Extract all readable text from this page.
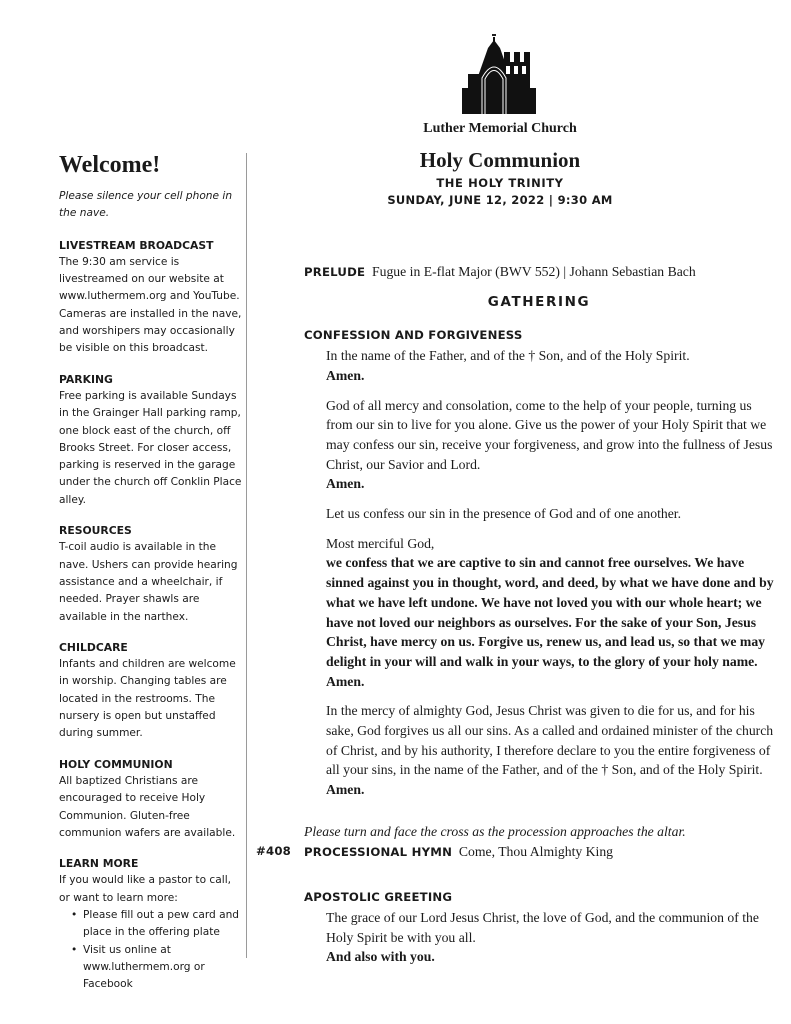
Luther Memorial Church
Holy Communion
THE HOLY TRINITY
SUNDAY, JUNE 12, 2022 | 9:30 AM
Welcome!
Please silence your cell phone in the nave.
LIVESTREAM BROADCAST
The 9:30 am service is livestreamed on our website at www.luthermem.org and YouTube. Cameras are installed in the nave, and worshipers may occasionally be visible on this broadcast.
PARKING
Free parking is available Sundays in the Grainger Hall parking ramp, one block east of the church, off Brooks Street. For closer access, parking is reserved in the garage under the church off Conklin Place alley.
RESOURCES
T-coil audio is available in the nave. Ushers can provide hearing assistance and a wheelchair, if needed. Prayer shawls are available in the narthex.
CHILDCARE
Infants and children are welcome in worship. Changing tables are located in the restrooms. The nursery is open but unstaffed during summer.
HOLY COMMUNION
All baptized Christians are encouraged to receive Holy Communion. Gluten-free communion wafers are available.
LEARN MORE
If you would like a pastor to call, or want to learn more:
• Please fill out a pew card and place in the offering plate
• Visit us online at www.luthermem.org or Facebook
PRELUDE Fugue in E-flat Major (BWV 552) | Johann Sebastian Bach
GATHERING
CONFESSION AND FORGIVENESS
In the name of the Father, and of the † Son, and of the Holy Spirit.
Amen.
God of all mercy and consolation, come to the help of your people, turning us from our sin to live for you alone. Give us the power of your Holy Spirit that we may confess our sin, receive your forgiveness, and grow into the fullness of Jesus Christ, our Savior and Lord.
Amen.
Let us confess our sin in the presence of God and of one another.
Most merciful God,
we confess that we are captive to sin and cannot free ourselves. We have sinned against you in thought, word, and deed, by what we have done and by what we have left undone. We have not loved you with our whole heart; we have not loved our neighbors as ourselves. For the sake of your Son, Jesus Christ, have mercy on us. Forgive us, renew us, and lead us, so that we may delight in your will and walk in your ways, to the glory of your holy name.
Amen.
In the mercy of almighty God, Jesus Christ was given to die for us, and for his sake, God forgives us all our sins. As a called and ordained minister of the church of Christ, and by his authority, I therefore declare to you the entire forgiveness of all your sins, in the name of the Father, and of the † Son, and of the Holy Spirit.
Amen.
Please turn and face the cross as the procession approaches the altar.
#408 PROCESSIONAL HYMN Come, Thou Almighty King
APOSTOLIC GREETING
The grace of our Lord Jesus Christ, the love of God, and the communion of the Holy Spirit be with you all.
And also with you.
